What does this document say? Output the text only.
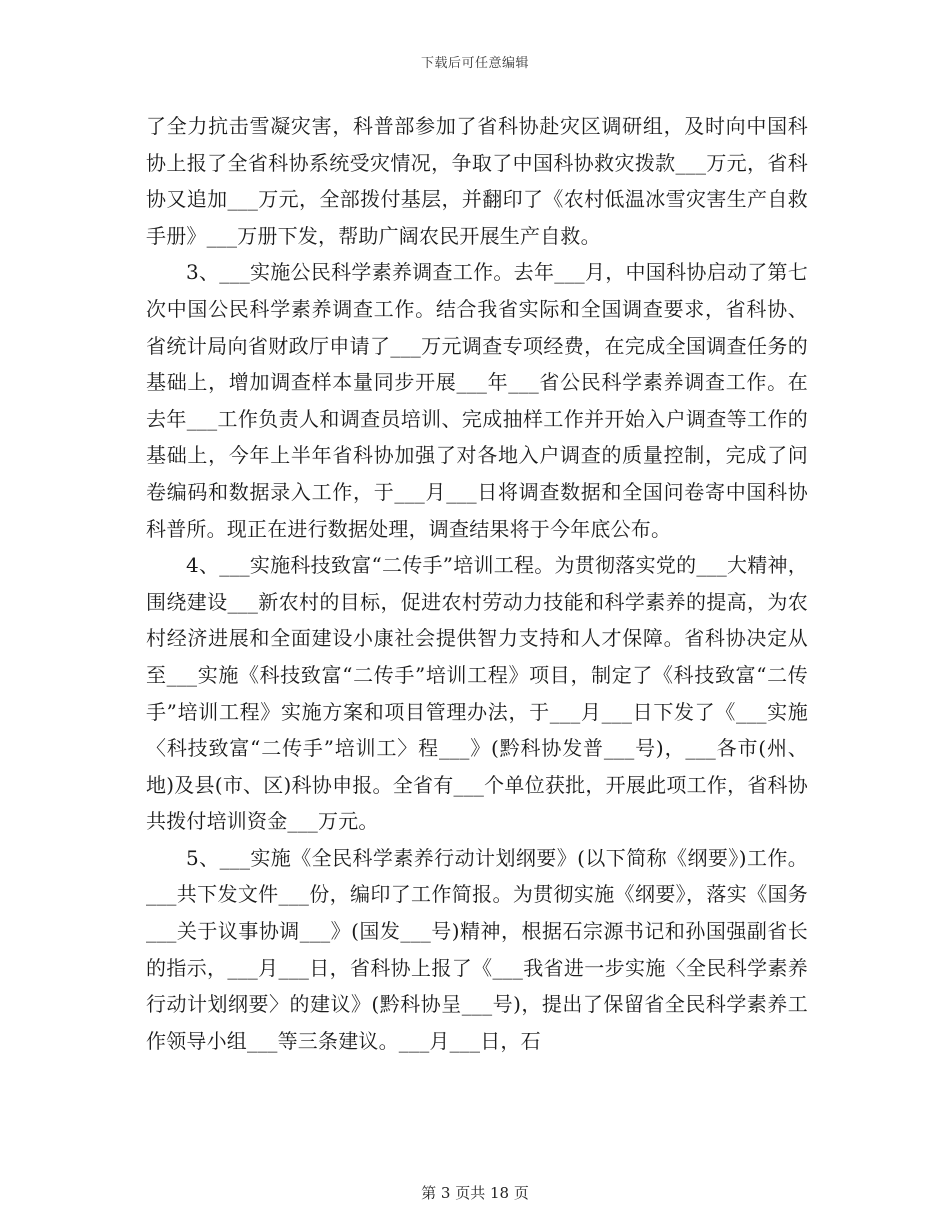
下载后可任意编辑

了全力抗击雪凝灾害，科普部参加了省科协赴灾区调研组，及时向中国科协上报了全省科协系统受灾情况，争取了中国科协救灾拨款___万元，省科协又追加___万元，全部拨付基层，并翻印了《农村低温冰雪灾害生产自救手册》___万册下发，帮助广阔农民开展生产自救。

3、___实施公民科学素养调查工作。去年___月，中国科协启动了第七次中国公民科学素养调查工作。结合我省实际和全国调查要求，省科协、省统计局向省财政厅申请了___万元调查专项经费，在完成全国调查任务的基础上，增加调查样本量同步开展___年___省公民科学素养调查工作。在去年___工作负责人和调查员培训、完成抽样工作并开始入户调查等工作的基础上，今年上半年省科协加强了对各地入户调查的质量控制，完成了问卷编码和数据录入工作，于___月___日将调查数据和全国问卷寄中国科协科普所。现正在进行数据处理，调查结果将于今年底公布。

4、___实施科技致富“二传手”培训工程。为贯彻落实党的___大精神，围绕建设___新农村的目标，促进农村劳动力技能和科学素养的提高，为农村经济进展和全面建设小康社会提供智力支持和人才保障。省科协决定从至___实施《科技致富“二传手”培训工程》项目，制定了《科技致富“二传手”培训工程》实施方案和项目管理办法，于___月___日下发了《___实施〈科技致富“二传手”培训工〉程___》(黔科协发普___号)，___各市(州、地)及县(市、区)科协申报。全省有___个单位获批，开展此项工作，省科协共拨付培训资金___万元。

5、___实施《全民科学素养行动计划纲要》(以下简称《纲要》)工作。___共下发文件___份，编印了工作简报。为贯彻实施《纲要》，落实《国务___关于议事协调___》(国发___号)精神，根据石宗源书记和孙国强副省长的指示，___月___日，省科协上报了《___我省进一步实施〈全民科学素养行动计划纲要〉的建议》(黔科协呈___号)，提出了保留省全民科学素养工作领导小组___等三条建议。___月___日，石

第 3 页共 18 页
